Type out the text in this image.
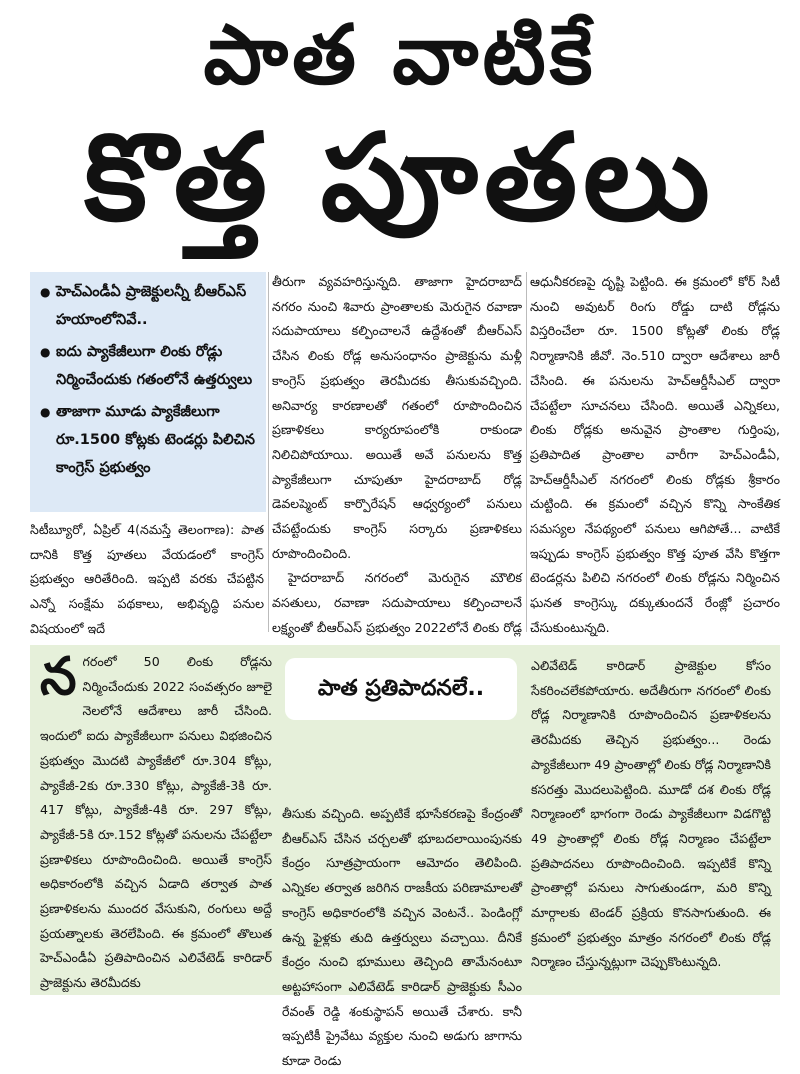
పాత వాటికే
కొత్త పూతలు
● హెచ్ఎండీఏ ప్రాజెక్టులన్నీ బీఆర్ఎస్ హయాంలోనివే..
● ఐదు ప్యాకేజీలుగా లింకు రోడ్లు నిర్మించేందుకు గతంలోనే ఉత్తర్వులు
● తాజాగా మూడు ప్యాకేజీలుగా రూ.1500 కోట్లకు టెండర్లు పిలిచిన కాంగ్రెస్ ప్రభుత్వం

సిటీబ్యూరో, ఏప్రిల్ 4(నమస్తే తెలంగాణ): పాత దానికి కొత్త పూతలు వేయడంలో కాంగ్రెస్ ప్రభుత్వం ఆరితేరింది. ఇప్పటి వరకు చేపట్టిన ఎన్నో సంక్షేమ పథకాలు, అభివృద్ధి పనుల విషయంలో ఇదే

తీరుగా వ్యవహరిస్తున్నది. తాజాగా హైదరాబాద్ నగరం నుంచి శివారు ప్రాంతాలకు మెరుగైన రవాణా సదుపాయాలు కల్పించాలనే ఉద్దేశంతో బీఆర్ఎస్ చేసిన లింకు రోడ్ల అనుసంధానం ప్రాజెక్టును మళ్లీ కాంగ్రెస్ ప్రభుత్వం తెరమీదకు తీసుకువచ్చింది. అనివార్య కారణాలతో గతంలో రూపొందించిన ప్రణాళికలు కార్యరూపంలోకి రాకుండా నిలిచిపోయాయి. అయితే అవే పనులను కొత్త ప్యాకేజీలుగా చూపుతూ హైదరాబాద్ రోడ్ల డెవలప్మెంట్ కార్పొరేషన్ ఆధ్వర్యంలో పనులు చేపట్టేందుకు కాంగ్రెస్ సర్కారు ప్రణాళికలు రూపొందించింది.

హైదరాబాద్ నగరంలో మెరుగైన మౌలిక వసతులు, రవాణా సదుపాయాలు కల్పించాలనే లక్ష్యంతో బీఆర్ఎస్ ప్రభుత్వం 2022లోనే లింకు రోడ్ల

ఆధునీకరణపై దృష్టి పెట్టింది. ఈ క్రమంలో కోర్ సిటీ నుంచి అవుటర్ రింగు రోడ్డు దాటి రోడ్లను విస్తరించేలా రూ. 1500 కోట్లతో లింకు రోడ్ల నిర్మాణానికి జీవో. నెం.510 ద్వారా ఆదేశాలు జారీ చేసింది. ఈ పనులను హెచ్ఆర్డీసీఎల్ ద్వారా చేపట్టేలా సూచనలు చేసింది. అయితే ఎన్నికలు, లింకు రోడ్లకు అనువైన ప్రాంతాల గుర్తింపు, ప్రతిపాదిత ప్రాంతాల వారీగా హెచ్ఎండీఏ, హెచ్ఆర్డీసీఎల్ నగరంలో లింకు రోడ్లకు శ్రీకారం చుట్టింది. ఈ క్రమంలో వచ్చిన కొన్ని సాంకేతిక సమస్యల నేపథ్యంలో పనులు ఆగిపోతే... వాటికే ఇప్పుడు కాంగ్రెస్ ప్రభుత్వం కొత్త పూత వేసి కొత్తగా టెండర్లను పిలిచి నగరంలో లింకు రోడ్లను నిర్మించిన ఘనత కాంగ్రెస్కు దక్కుతుందనే రేంజ్లో ప్రచారం చేసుకుంటున్నది.

న గరంలో 50 లింకు రోడ్లను నిర్మించేందుకు 2022 సంవత్సరం జూలై నెలలోనే ఆదేశాలు జారీ చేసింది. ఇందులో ఐదు ప్యాకేజీలుగా పనులు విభజించిన ప్రభుత్వం మొదటి ప్యాకేజీలో రూ.304 కోట్లు, ప్యాకేజీ-2కు రూ.330 కోట్లు, ప్యాకేజీ-3కి రూ. 417 కోట్లు, ప్యాకేజీ-4కి రూ. 297 కోట్లు, ప్యాకేజీ-5కి రూ.152 కోట్లతో పనులను చేపట్టేలా ప్రణాళికలు రూపొందించింది. అయితే కాంగ్రెస్ అధికారంలోకి వచ్చిన ఏడాది తర్వాత పాత ప్రణాళికలను ముందర వేసుకుని, రంగులు అద్దే ప్రయత్నాలకు తెరలేపింది. ఈ క్రమంలో తొలుత హెచ్ఎండీఏ ప్రతిపాదించిన ఎలివేటెడ్ కారిడార్ ప్రాజెక్టును తెరమీదకు
పాత ప్రతిపాదనలే..

తీసుకు వచ్చింది. అప్పటికే భూసేకరణపై కేంద్రంతో బీఆర్ఎస్ చేసిన చర్చలతో భూబదలాయింపునకు కేంద్రం సూత్రప్రాయంగా ఆమోదం తెలిపింది. ఎన్నికల తర్వాత జరిగిన రాజకీయ పరిణామాలతో కాంగ్రెస్ అధికారంలోకి వచ్చిన వెంటనే.. పెండింగ్లో ఉన్న ఫైళ్లకు తుది ఉత్తర్వులు వచ్చాయి. దీనికే కేంద్రం నుంచి భూములు తెచ్చింది తామేనంటూ అట్టహాసంగా ఎలివేటెడ్ కారిడార్ ప్రాజెక్టుకు సీఎం రేవంత్ రెడ్డి శంకుస్థాపన్ అయితే చేశారు. కానీ ఇప్పటికీ ప్రైవేటు వ్యక్తుల నుంచి అడుగు జాగాను కూడా రెండు

ఎలివేటెడ్ కారిడార్ ప్రాజెక్టుల కోసం సేకరించలేకపోయారు. అదేతీరుగా నగరంలో లింకు రోడ్ల నిర్మాణానికి రూపొందించిన ప్రణాళికలను తెరమీదకు తెచ్చిన ప్రభుత్వం... రెండు ప్యాకేజీలుగా 49 ప్రాంతాల్లో లింకు రోడ్ల నిర్మాణానికి కసరత్తు మొదలుపెట్టింది. మూడో దశ లింకు రోడ్ల నిర్మాణంలో భాగంగా రెండు ప్యాకేజీలుగా విడగొట్టి 49 ప్రాంతాల్లో లింకు రోడ్ల నిర్మాణం చేపట్టేలా ప్రతిపాదనలు రూపొందించింది. ఇప్పటికే కొన్ని ప్రాంతాల్లో పనులు సాగుతుండగా, మరి కొన్ని మార్గాలకు టెండర్ ప్రక్రియ కొనసాగుతుంది. ఈ క్రమంలో ప్రభుత్వం మాత్రం నగరంలో లింకు రోడ్ల నిర్మాణం చేస్తున్నట్లుగా చెప్పుకొంటున్నది.
